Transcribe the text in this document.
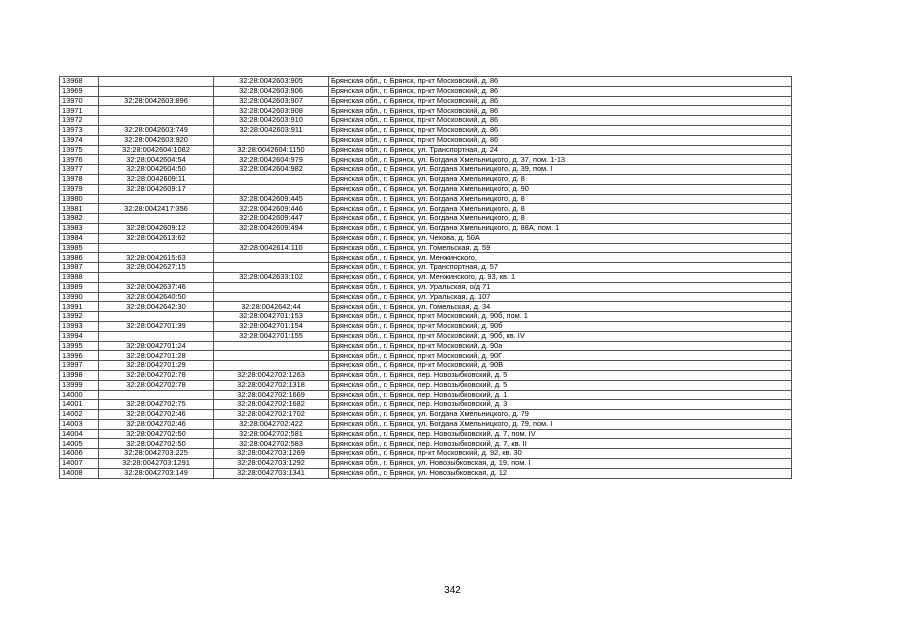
13968		32:28:0042603:905	Брянская обл., г. Брянск, пр-кт Московский, д. 86
13969		32:28:0042603:906	Брянская обл., г. Брянск, пр-кт Московский, д. 86
13970	32:28:0042603:896	32:28:0042603:907	Брянская обл., г. Брянск, пр-кт Московский, д. 86
13971		32:28:0042603:908	Брянская обл., г. Брянск, пр-кт Московский, д. 86
13972		32:28:0042603:910	Брянская обл., г. Брянск, пр-кт Московский, д. 86
13973	32:28:0042603:749	32:28:0042603:911	Брянская обл., г. Брянск, пр-кт Московский, д. 86
13974	32:28:0042603:920		Брянская обл., г. Брянск, пр-кт Московский, д. 86
13975	32:28:0042604:1082	32:28:0042604:1150	Брянская обл., г. Брянск, ул. Транспортная, д. 24
13976	32:28:0042604:54	32:28:0042604:979	Брянская обл., г. Брянск, ул. Богдана Хмельницкого, д. 37, пом. 1-13
13977	32:28:0042604:50	32:28:0042604:982	Брянская обл., г. Брянск, ул. Богдана Хмельницкого, д. 39, пом. I
13978	32:28:0042609:11		Брянская обл., г. Брянск, ул. Богдана Хмельницкого, д. 8
13979	32:28:0042609:17		Брянская обл., г. Брянск, ул. Богдана Хмельницкого, д. 90
13980		32:28:0042609:445	Брянская обл., г. Брянск, ул. Богдана Хмельницкого, д. 8
13981	32:28:0042417:356	32:28:0042609:446	Брянская обл., г. Брянск, ул. Богдана Хмельницкого, д. 8
13982		32:28:0042609:447	Брянская обл., г. Брянск, ул. Богдана Хмельницкого, д. 8
13983	32:28:0042609:12	32:28:0042609:494	Брянская обл., г. Брянск, ул. Богдана Хмельницкого, д. 88А, пом. 1
13984	32:28:0042613:62		Брянская обл., г. Брянск, ул. Чехова, д. 50А
13985		32:28:0042614:110	Брянская обл., г. Брянск, ул. Гомельская, д. 59
13986	32:28:0042615:63		Брянская обл., г. Брянск, ул. Менжинского,
13987	32:28:0042627:15		Брянская обл., г. Брянск, ул. Транспортная, д. 57
13988		32:28:0042633:102	Брянская обл., г. Брянск, ул. Менжинского, д. 93, кв. 1
13989	32:28:0042637:46		Брянская обл., г. Брянск, ул. Уральская, о/д 71
13990	32:28:0042640:50		Брянская обл., г. Брянск, ул. Уральская, д. 107
13991	32:28:0042642:30	32:28:0042642:44	Брянская обл., г. Брянск, ул. Гомельская, д. 34
13992		32:28:0042701:153	Брянская обл., г. Брянск, пр-кт Московский, д. 90б, пом. 1
13993	32:28:0042701:39	32:28:0042701:154	Брянская обл., г. Брянск, пр-кт Московский, д. 90б
13994		32:28:0042701:155	Брянская обл., г. Брянск, пр-кт Московский, д. 90б, кв. IV
13995	32:28:0042701:24		Брянская обл., г. Брянск, пр-кт Московский, д. 90а
13996	32:28:0042701:28		Брянская обл., г. Брянск, пр-кт Московский, д. 90Г
13997	32:28:0042701:29		Брянская обл., г. Брянск, пр-кт Московский, д. 90В
13998	32:28:0042702:78	32:28:0042702:1263	Брянская обл., г. Брянск, пер. Новозыбковский, д. 5
13999	32:28:0042702:78	32:28:0042702:1318	Брянская обл., г. Брянск, пер. Новозыбковский, д. 5
14000		32:28:0042702:1669	Брянская обл., г. Брянск, пер. Новозыбковский, д. 1
14001	32:28:0042702:75	32:28:0042702:1682	Брянская обл., г. Брянск, пер. Новозыбковский, д. 3
14002	32:28:0042702:46	32:28:0042702:1702	Брянская обл., г. Брянск, ул. Богдана Хмельницкого, д. 79
14003	32:28:0042702:46	32:28:0042702:422	Брянская обл., г. Брянск, ул. Богдана Хмельницкого, д. 79, пом. I
14004	32:28:0042702:50	32:28:0042702:581	Брянская обл., г. Брянск, пер. Новозыбковский, д. 7, пом. IV
14005	32:28:0042702:50	32:28:0042702:583	Брянская обл., г. Брянск, пер. Новозыбковский, д. 7, кв. II
14006	32:28:0042703:225	32:28:0042703:1269	Брянская обл., г. Брянск, пр-кт Московский, д. 92, кв. 30
14007	32:28:0042703:1291	32:28:0042703:1292	Брянская обл., г. Брянск, ул. Новозыбковская, д. 19, пом. I
14008	32:28:0042703:149	32:28:0042703:1341	Брянская обл., г. Брянск, ул. Новозыбковская, д. 12
342
